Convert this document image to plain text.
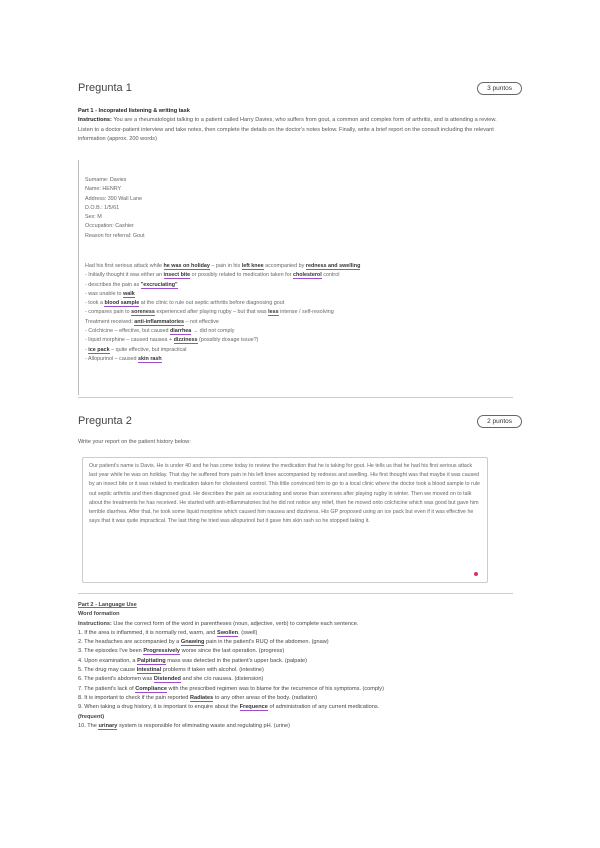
Pregunta 1	3 puntos
Part 1 - Incoprated listening & writing task
Instructions: You are a rheumatologist talking to a patient called Harry Davies, who suffers from gout, a common and complex form of arthritis, and is attending a review. Listen to a doctor-patient interview and take notes, then complete the details on the doctor's notes below. Finally, write a brief report on the consult including the relevant information (approx. 200 words)
Surname: Davies
Name: HENRY
Address: 390 Wall Lane
D.O.B.: 1/5/61
Sex: M
Occupation: Cashier
Reason for referral: Gout
Had his first serious attack while he was on holiday – pain in his left knee accompanied by redness and swelling
- Initially thought it was either an insect bite or possibly related to medication taken for cholesterol control
- describes the pain as "excruciating"
- was unable to walk
- took a blood sample at the clinic to rule out septic arthritis before diagnosing gout
- compares pain to soreness experienced after playing rugby – but that was less intense / self-resolving
Treatment received: anti-inflammatories – not effective
- Colchicine – effective, but caused diarrhea → did not comply
- liquid morphine – caused nausea + dizziness (possibly dosage issue?)
- ice pack – quite effective, but impractical
- Allopurinol – caused skin rash
Pregunta 2	2 puntos
Write your report on the patient history below:
Our patient's name is Davis. He is under 40 and he has come today to review the medication that he is taking for gout. He tells us that he had his first serious attack last year while he was on holiday. That day he suffered from pain in his left knee accompanied by redness and swelling. His first thought was that maybe it was caused by an insect bite or it was related to medication taken for cholesterol control. This little convinced him to go to a local clinic where the doctor took a blood sample to rule out septic arthritis and then diagnosed gout. He describes the pain as excruciating and worse than soreness after playing rugby in winter. Then we moved on to talk about the treatments he has received. He started with anti-inflammatories but he did not notice any relief, then he moved onto colchicine which was good but gave him terrible diarrhea. After that, he took some liquid morphine which caused him nausea and dizziness. His GP proposed using an ice pack but even if it was effective he says that it was quite impractical. The last thing he tried was allopurinol but it gave him skin rash so he stopped taking it.
Part 2 - Language Use
Word formation
Instructions: Use the correct form of the word in parentheses (noun, adjective, verb) to complete each sentence.
1. If the area is inflammed, it is normally red, warm, and Swollen. (swell)
2. The headaches are accompanied by a Gnawing pain in the patient's RUQ of the abdomen. (gnaw)
3. The episodes I've been Progressively worse since the last operation. (progress)
4. Upon examination, a Palpitating mass was detected in the patient's upper back. (palpate)
5. The drug may cause Intestinal problems if taken with alcohol. (intestine)
6. The patient's abdomen was Distended and she c/o nausea. (distension)
7. The patient's lack of Compliance with the prescribed regimen was to blame for the recurrence of his symptoms. (comply)
8. It is important to check if the pain reported Radiates to any other areas of the body. (radiation)
9. When taking a drug history, it is important to enquire about the Frequence of administration of any current medications.
(frequent)
10. The urinary system is responsible for eliminating waste and regulating pH. (urine)
